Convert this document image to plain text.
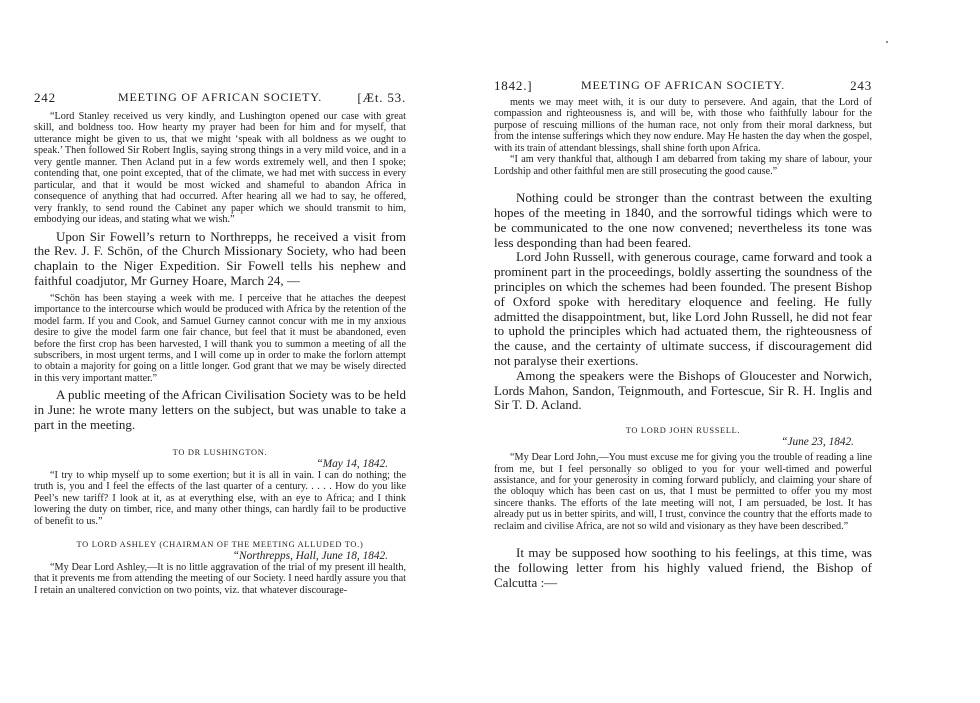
242	MEETING OF AFRICAN SOCIETY.	[Æt. 53.

“Lord Stanley received us very kindly, and Lushington opened our case with great skill, and boldness too. How hearty my prayer had been for him and for myself, that utterance might be given to us, that we might ‘speak with all boldness as we ought to speak.’ Then followed Sir Robert Inglis, saying strong things in a very mild voice, and in a very gentle manner. Then Acland put in a few words extremely well, and then I spoke; contending that, one point excepted, that of the climate, we had met with success in every particular, and that it would be most wicked and shameful to abandon Africa in consequence of anything that had occurred. After hearing all we had to say, he offered, very frankly, to send round the Cabinet any paper which we should transmit to him, embodying our ideas, and stating what we wish.”

Upon Sir Fowell’s return to Northrepps, he received a visit from the Rev. J. F. Schön, of the Church Missionary Society, who had been chaplain to the Niger Expedition. Sir Fowell tells his nephew and faithful coadjutor, Mr Gurney Hoare, March 24, —

“Schön has been staying a week with me. I perceive that he attaches the deepest importance to the intercourse which would be produced with Africa by the retention of the model farm. If you and Cook, and Samuel Gurney cannot concur with me in my anxious desire to give the model farm one fair chance, but feel that it must be abandoned, even before the first crop has been harvested, I will thank you to summon a meeting of all the subscribers, in most urgent terms, and I will come up in order to make the forlorn attempt to obtain a majority for going on a little longer. God grant that we may be wisely directed in this very important matter.”

A public meeting of the African Civilisation Society was to be held in June: he wrote many letters on the subject, but was unable to take a part in the meeting.

TO DR LUSHINGTON.

“May 14, 1842.

“I try to whip myself up to some exertion; but it is all in vain. I can do nothing; the truth is, you and I feel the effects of the last quarter of a century. . . . . How do you like Peel’s new tariff? I look at it, as at everything else, with an eye to Africa; and I think lowering the duty on timber, rice, and many other things, can hardly fail to be productive of benefit to us.”

TO LORD ASHLEY (CHAIRMAN OF THE MEETING ALLUDED TO.)

“Northrepps, Hall, June 18, 1842.

“My Dear Lord Ashley,—It is no little aggravation of the trial of my present ill health, that it prevents me from attending the meeting of our Society. I need hardly assure you that I retain an unaltered conviction on two points, viz. that whatever discourage-

1842.]	MEETING OF AFRICAN SOCIETY.	243

ments we may meet with, it is our duty to persevere. And again, that the Lord of compassion and righteousness is, and will be, with those who faithfully labour for the purpose of rescuing millions of the human race, not only from their moral darkness, but from the intense sufferings which they now endure. May He hasten the day when the gospel, with its train of attendant blessings, shall shine forth upon Africa.

“I am very thankful that, although I am debarred from taking my share of labour, your Lordship and other faithful men are still prosecuting the good cause.”

Nothing could be stronger than the contrast between the exulting hopes of the meeting in 1840, and the sorrowful tidings which were to be communicated to the one now convened; nevertheless its tone was less desponding than had been feared.

Lord John Russell, with generous courage, came forward and took a prominent part in the proceedings, boldly asserting the soundness of the principles on which the schemes had been founded. The present Bishop of Oxford spoke with hereditary eloquence and feeling. He fully admitted the disappointment, but, like Lord John Russell, he did not fear to uphold the principles which had actuated them, the righteousness of the cause, and the certainty of ultimate success, if discouragement did not paralyse their exertions.

Among the speakers were the Bishops of Gloucester and Norwich, Lords Mahon, Sandon, Teignmouth, and Fortescue, Sir R. H. Inglis and Sir T. D. Acland.

TO LORD JOHN RUSSELL.

“June 23, 1842.

“My Dear Lord John,—You must excuse me for giving you the trouble of reading a line from me, but I feel personally so obliged to you for your well-timed and powerful assistance, and for your generosity in coming forward publicly, and claiming your share of the obloquy which has been cast on us, that I must be permitted to offer you my most sincere thanks. The efforts of the late meeting will not, I am persuaded, be lost. It has already put us in better spirits, and will, I trust, convince the country that the efforts made to reclaim and civilise Africa, are not so wild and visionary as they have been described.”

It may be supposed how soothing to his feelings, at this time, was the following letter from his highly valued friend, the Bishop of Calcutta :—
